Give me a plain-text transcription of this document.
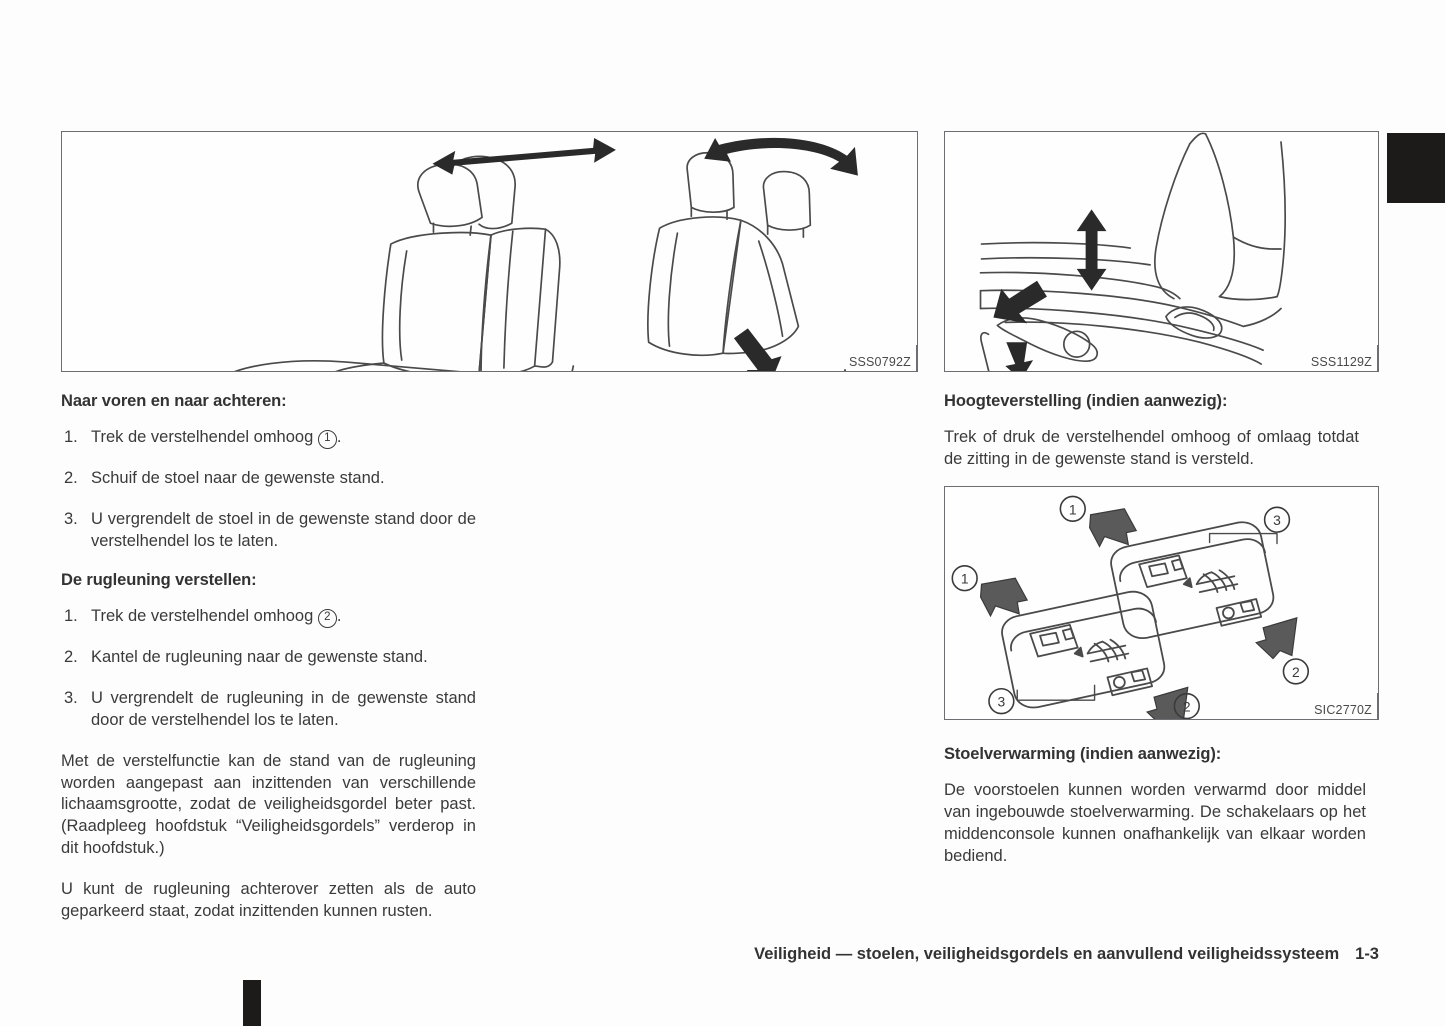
SSS0792Z	SSS1129Z
1
3
2
1
3	2	SIC2770Z
Naar voren en naar achteren:
1. Trek de verstelhendel omhoog 1 .
2. Schuif de stoel naar de gewenste stand.
3. U vergrendelt de stoel in de gewenste stand door de verstelhendel los te laten.
De rugleuning verstellen:
1. Trek de verstelhendel omhoog 2 .
2. Kantel de rugleuning naar de gewenste stand.
3. U vergrendelt de rugleuning in de gewenste stand door de verstelhendel los te laten.

Met de verstelfunctie kan de stand van de rugleuning worden aangepast aan inzittenden van verschillende lichaamsgrootte, zodat de veiligheidsgordel beter past. (Raadpleeg hoofdstuk “Veiligheidsgordels” verderop in dit hoofdstuk.)

U kunt de rugleuning achterover zetten als de auto geparkeerd staat, zodat inzittenden kunnen rusten.

Hoogteverstelling (indien aanwezig):

Trek of druk de verstelhendel omhoog of omlaag totdat de zitting in de gewenste stand is versteld.

Stoelverwarming (indien aanwezig):

De voorstoelen kunnen worden verwarmd door middel van ingebouwde stoelverwarming. De schakelaars op het middenconsole kunnen onafhankelijk van elkaar worden bediend.

Veiligheid — stoelen, veiligheidsgordels en aanvullend veiligheidssysteem 1-3
